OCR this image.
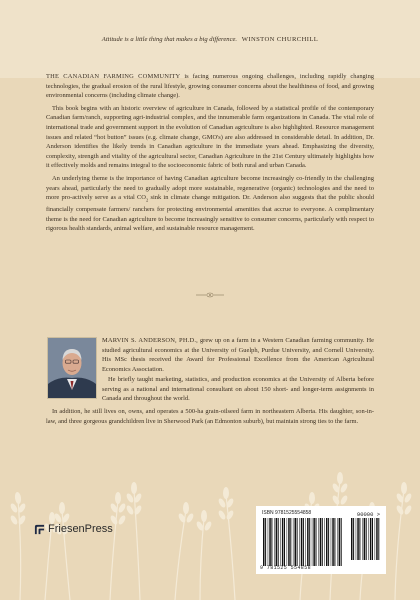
Attitude is a little thing that makes a big difference. WINSTON CHURCHILL

THE CANADIAN FARMING COMMUNITY is facing numerous ongoing challenges, including rapidly changing technologies, the gradual erosion of the rural lifestyle, growing consumer concerns about the healthiness of food, and growing environmental concerns (including climate change).

This book begins with an historic overview of agriculture in Canada, followed by a statistical profile of the contemporary Canadian farm/ranch, supporting agri-industrial complex, and the innumerable farm organizations in Canada. The vital role of international trade and government support in the evolution of Canadian agriculture is also highlighted. Resource management issues and related “hot button” issues (e.g. climate change, GMO's) are also addressed in considerable detail. In addition, Dr. Anderson identifies the likely trends in Canadian agriculture in the immediate years ahead. Emphasizing the diversity, complexity, strength and vitality of the agricultural sector, Canadian Agriculture in the 21st Century ultimately highlights how it effectively molds and remains integral to the socioeconomic fabric of both rural and urban Canada.

An underlying theme is the importance of having Canadian agriculture become increasingly co-friendly in the challenging years ahead, particularly the need to gradually adopt more sustainable, regenerative (organic) technologies and the need to more pro-actively serve as a vital $CO_2$ sink in climate change mitigation. Dr. Anderson also suggests that the public should financially compensate farmers/ ranchers for protecting environmental amenities that accrue to everyone. A complimentary theme is the need for Canadian agriculture to become increasingly sensitive to consumer concerns, particularly with respect to rigorous health standards, animal welfare, and sustainable resource management.

MARVIN S. ANDERSON, PH.D., grew up on a farm in a Western Canadian farming community. He studied agricultural economics at the University of Guelph, Purdue University, and Cornell University. His MSc thesis received the Award for Professional Excellence from the American Agricultural Economics Association.

He briefly taught marketing, statistics, and production economics at the University of Alberta before serving as a national and international consultant on about 150 short- and longer-term assignments in Canada and throughout the world.

In addition, he still lives on, owns, and operates a 500-ha grain-oilseed farm in northeastern Alberta. His daughter, son-in-law, and three gorgeous grandchildren live in Sherwood Park (an Edmonton suburb), but maintain strong ties to the farm.

FriesenPress
ISBN 9781525554858	90000 >
9 781525 554858
